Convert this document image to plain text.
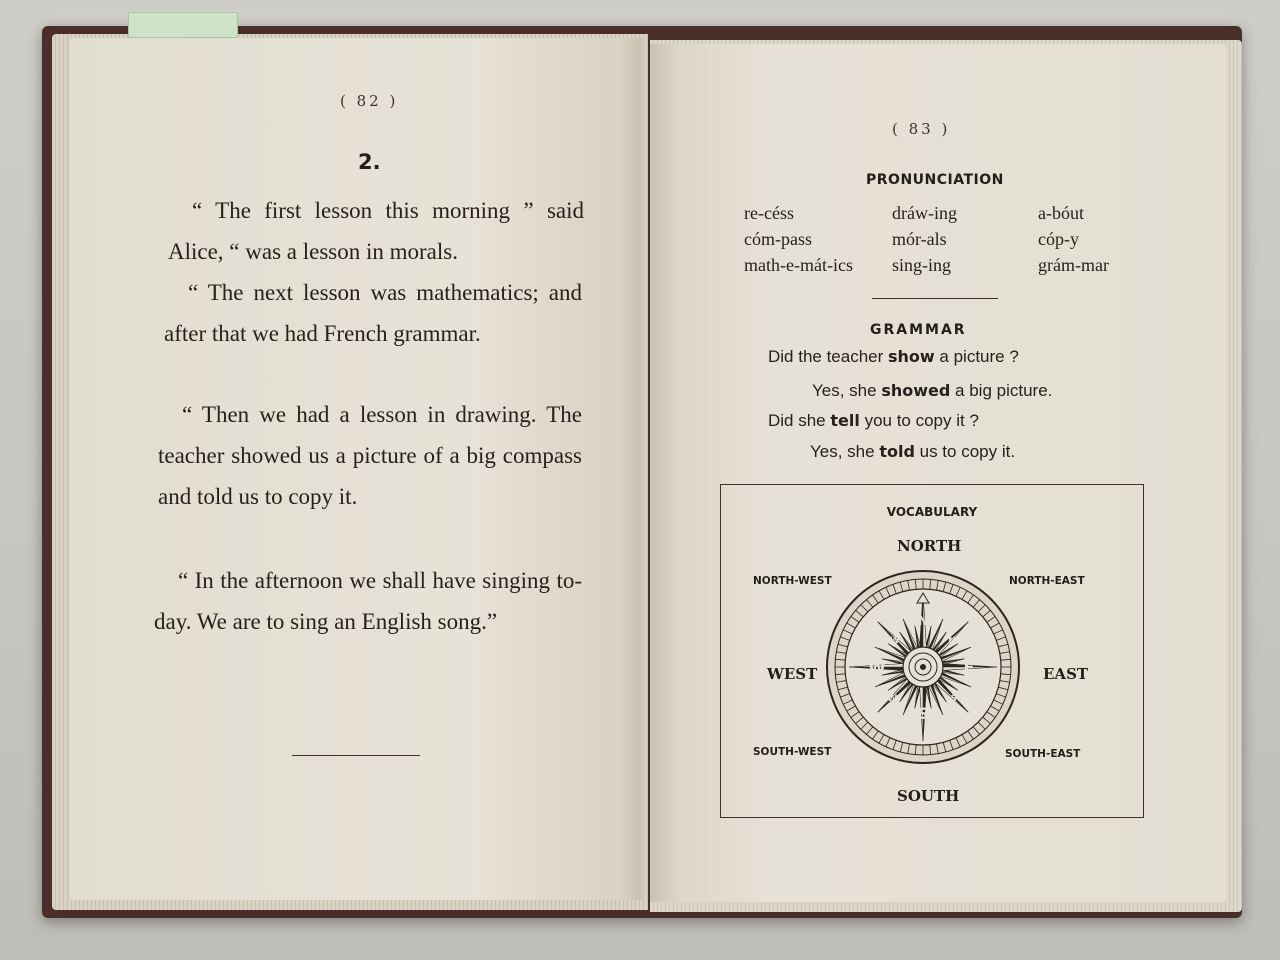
( 82 )
2.
“ The first lesson this morning ” said Alice, “ was a lesson in morals.
“ The next lesson was mathematics; and after that we had French grammar.
“ Then we had a lesson in drawing. The teacher showed us a picture of a big compass and told us to copy it.
“ In the afternoon we shall have singing to-day. We are to sing an English song.”
( 83 )
PRONUNCIATION
re-céss
cóm-pass
math-e-mát-ics
dráw-ing
mór-als
sing-ing
a-bóut
cóp-y
grám-mar
GRAMMAR
Did the teacher show a picture ?
Yes, she showed a big picture.
Did she tell you to copy it ?
Yes, she told us to copy it.
VOCABULARY
NORTH
SOUTH
EAST
WEST
NORTH-WEST	NORTH-EAST
SOUTH-WEST	SOUTH-EAST
N
S
E
W
NE
NW
SE
SW
